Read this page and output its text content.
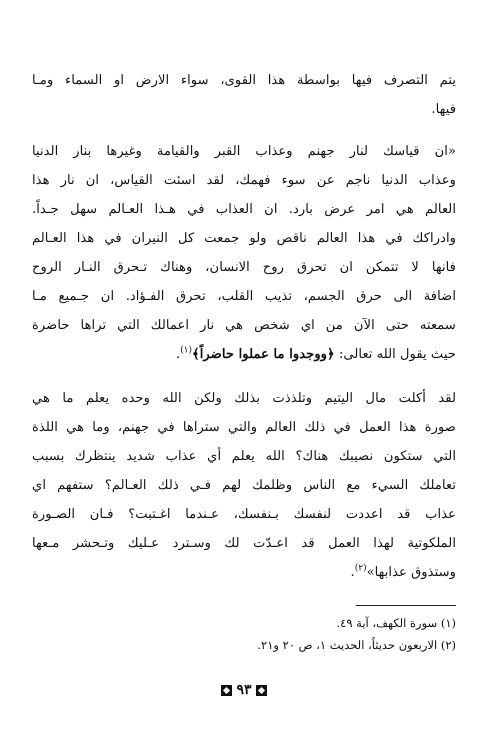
يتم التصرف فيها بواسطة هذا القوى، سواء الارض او السماء ومـا
فيها.
«ان قياسك لنار جهنم وعذاب القبر والقيامة وغيرها بنار الدنيا
وعذاب الدنيا ناجم عن سوء فهمك، لقد اسئت القياس، ان نار هذا
العالم هي امر عرض بارد. ان العذاب في هـذا العـالم سهل جـداً.
وادراكك في هذا العالم ناقص ولو جمعت كل النيران في هذا العـالم
فانها لا تتمكن ان تحرق روح الانسان، وهناك تـحرق النـار الروح
اضافة الى حرق الجسم، تذيب القلب، تحرق الفـؤاد. ان جـميع مـا
سمعته حتى الآن من اي شخص هي نار اعمالك التي تراها حاضرة
حيث يقول الله تعالى: ﴿ووجدوا ما عملوا حاضراً﴾$^{(١)}$.
لقد أكلت مال اليتيم وتلذذت بذلك ولكن الله وحده يعلم ما هي
صورة هذا العمل في ذلك العالم والتي ستراها في جهنم، وما هي اللذة
التي ستكون نصيبك هناك؟ الله يعلم أي عذاب شديد ينتظرك بسبب
تعاملك السيء مع الناس وظلمك لهم فـي ذلك العـالم؟ ستفهم اي
عذاب قد اعددت لنفسك بـنفسك، عـندما اغـتبت؟ فـان الصـورة
الملكوتية لهذا العمل قد اعـدّت لك وسـترد عـليك وتـحشر مـعها
وستذوق عذابها»$^{(٢)}$.
(١) سورة الكهف، آية ٤٩.
(٢) الاربعون حديثاً، الحديث ١، ص ٢٠ و٢١.
٩٣
